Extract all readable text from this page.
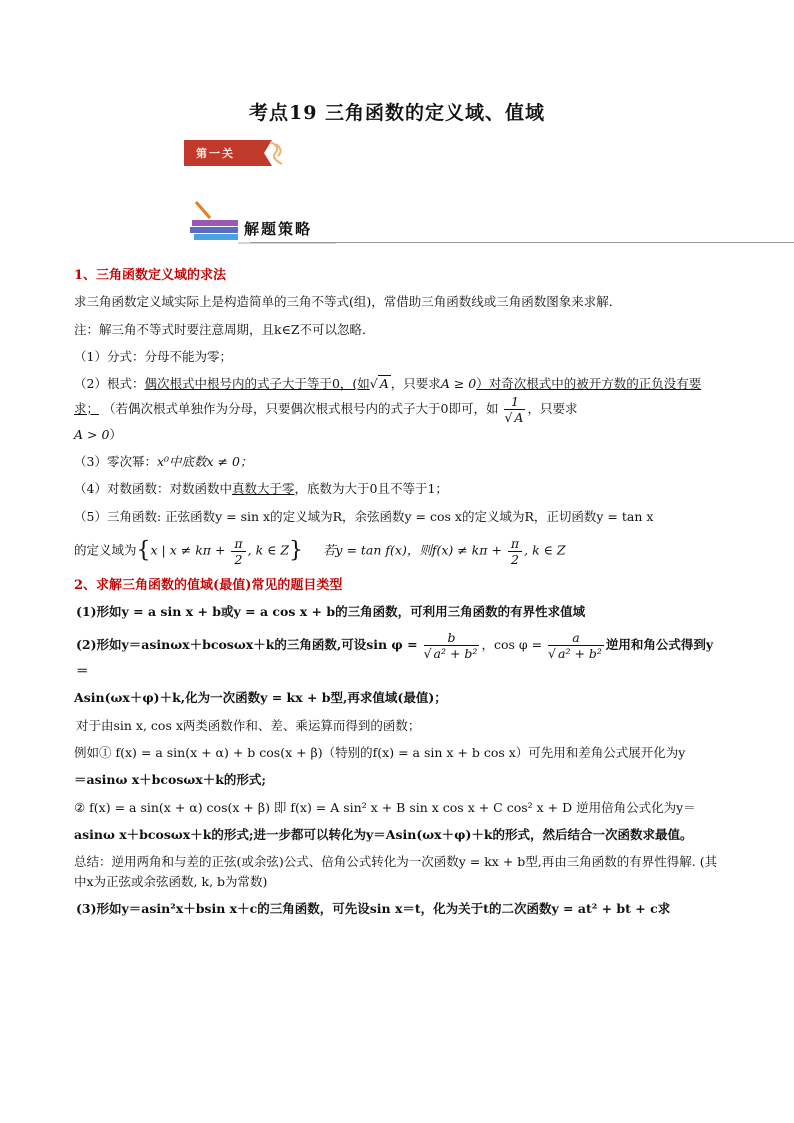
考点19 三角函数的定义域、值域
第一关
解题策略
1、三角函数定义域的求法
求三角函数定义域实际上是构造简单的三角不等式(组)，常借助三角函数线或三角函数图象来求解．
注：解三角不等式时要注意周期，且k∈Z不可以忽略．
（1）分式：分母不能为零；
（2）根式：偶次根式中根号内的式子大于等于0，(如√ A ，只要求A ≥ 0）对奇次根式中的被开方数的正负没有要求； （若偶次根式单独作为分母，只要偶次根式根号内的式子大于0即可，如 $\frac{1}{√ A}$ ，只要求
A > 0）
（3）零次幂：x⁰中底数x ≠ 0；
（4）对数函数：对数函数中真数大于零，底数为大于0且不等于1；
（5）三角函数: 正弦函数y = sin x的定义域为R，余弦函数y = cos x的定义域为R，正切函数y = tan x
的定义域为{x | $x \ne k\pi + \frac{\pi}{2}$ , k ∈ Z} 若y = tan f(x)，则$f(x) \ne k\pi + \frac{\pi}{2}$ , k ∈ Z
2、求解三角函数的值域(最值)常见的题目类型
(1)形如y = a sin x + b或y = a cos x + b的三角函数，可利用三角函数的有界性求值域
(2)形如y＝asinωx＋bcosωx＋k的三角函数,可设$\sin \varphi = \frac{b}{\text{√ a² + b²}}$ ，$\cos \varphi = \frac{a}{\text{√ a² + b²}}$ 逆用和角公式得到y＝
Asin(ωx＋φ)＋k,化为一次函数y = kx + b型,再求值域(最值)；
对于由sin x, cos x两类函数作和、差、乘运算而得到的函数；
例如① f(x) = a sin(x + α) + b cos(x + β)（特别的f(x) = a sin x + b cos x）可先用和差角公式展开化为y
＝asinω x＋bcosωx＋k的形式;
② f(x) = a sin(x + α) cos(x + β) 即 f(x) = A sin² x + B sin x cos x + C cos² x + D 逆用倍角公式化为y＝
asinω x＋bcosωx＋k的形式;进一步都可以转化为y＝Asin(ωx＋φ)＋k的形式，然后结合一次函数求最值。
总结：逆用两角和与差的正弦(或余弦)公式、倍角公式转化为一次函数y = kx + b型,再由三角函数的有界性得解. (其中x为正弦或余弦函数, k, b为常数)
(3)形如y＝asin²x＋bsin x＋c的三角函数，可先设sin x＝t，化为关于t的二次函数y = at² + bt + c求
